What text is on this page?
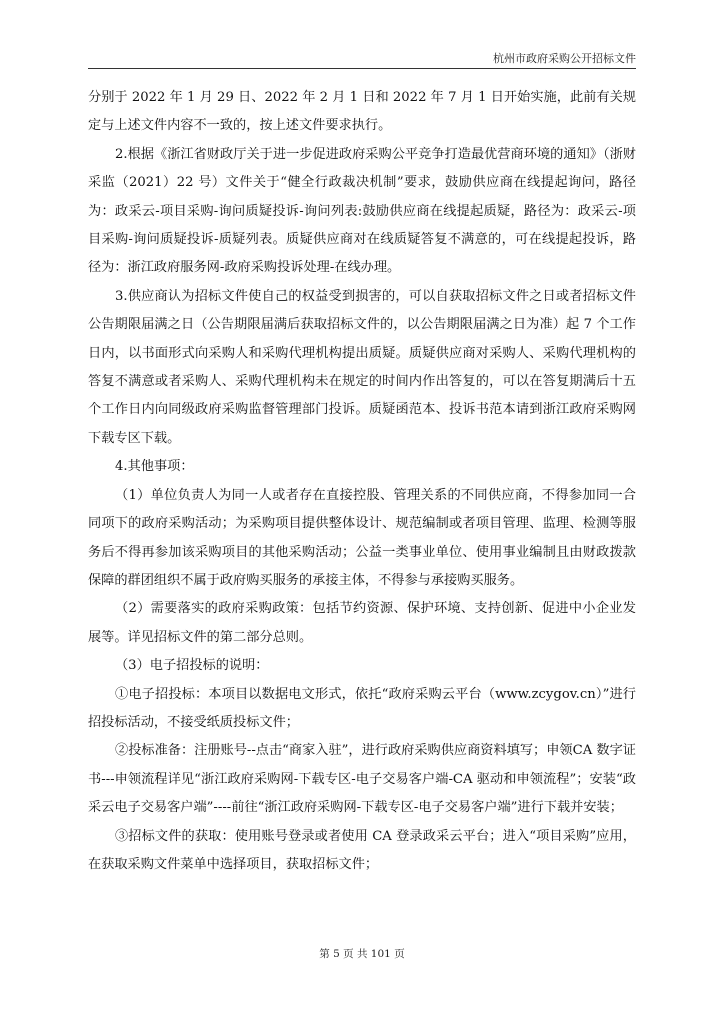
杭州市政府采购公开招标文件

分别于 2022 年 1 月 29 日、2022 年 2 月 1 日和 2022 年 7 月 1 日开始实施，此前有关规定与上述文件内容不一致的，按上述文件要求执行。

2.根据《浙江省财政厅关于进一步促进政府采购公平竞争打造最优营商环境的通知》（浙财采监（2021）22 号）文件关于“健全行政裁决机制”要求，鼓励供应商在线提起询问，路径为：政采云-项目采购-询问质疑投诉-询问列表:鼓励供应商在线提起质疑，路径为：政采云-项目采购-询问质疑投诉-质疑列表。质疑供应商对在线质疑答复不满意的，可在线提起投诉，路径为：浙江政府服务网-政府采购投诉处理-在线办理。

3.供应商认为招标文件使自己的权益受到损害的，可以自获取招标文件之日或者招标文件公告期限届满之日（公告期限届满后获取招标文件的，以公告期限届满之日为准）起 7 个工作日内，以书面形式向采购人和采购代理机构提出质疑。质疑供应商对采购人、采购代理机构的答复不满意或者采购人、采购代理机构未在规定的时间内作出答复的，可以在答复期满后十五个工作日内向同级政府采购监督管理部门投诉。质疑函范本、投诉书范本请到浙江政府采购网下载专区下载。

4.其他事项：

（1）单位负责人为同一人或者存在直接控股、管理关系的不同供应商，不得参加同一合同项下的政府采购活动；为采购项目提供整体设计、规范编制或者项目管理、监理、检测等服务后不得再参加该采购项目的其他采购活动；公益一类事业单位、使用事业编制且由财政拨款保障的群团组织不属于政府购买服务的承接主体，不得参与承接购买服务。

（2）需要落实的政府采购政策：包括节约资源、保护环境、支持创新、促进中小企业发展等。详见招标文件的第二部分总则。

（3）电子招投标的说明：

①电子招投标：本项目以数据电文形式，依托“政府采购云平台（www.zcygov.cn）”进行招投标活动，不接受纸质投标文件；

②投标准备：注册账号--点击“商家入驻”，进行政府采购供应商资料填写；申领CA 数字证书---申领流程详见“浙江政府采购网-下载专区-电子交易客户端-CA 驱动和申领流程”；安装“政采云电子交易客户端”----前往“浙江政府采购网-下载专区-电子交易客户端”进行下载并安装；

③招标文件的获取：使用账号登录或者使用 CA 登录政采云平台；进入“项目采购”应用，在获取采购文件菜单中选择项目，获取招标文件；

第 5 页 共 101 页
